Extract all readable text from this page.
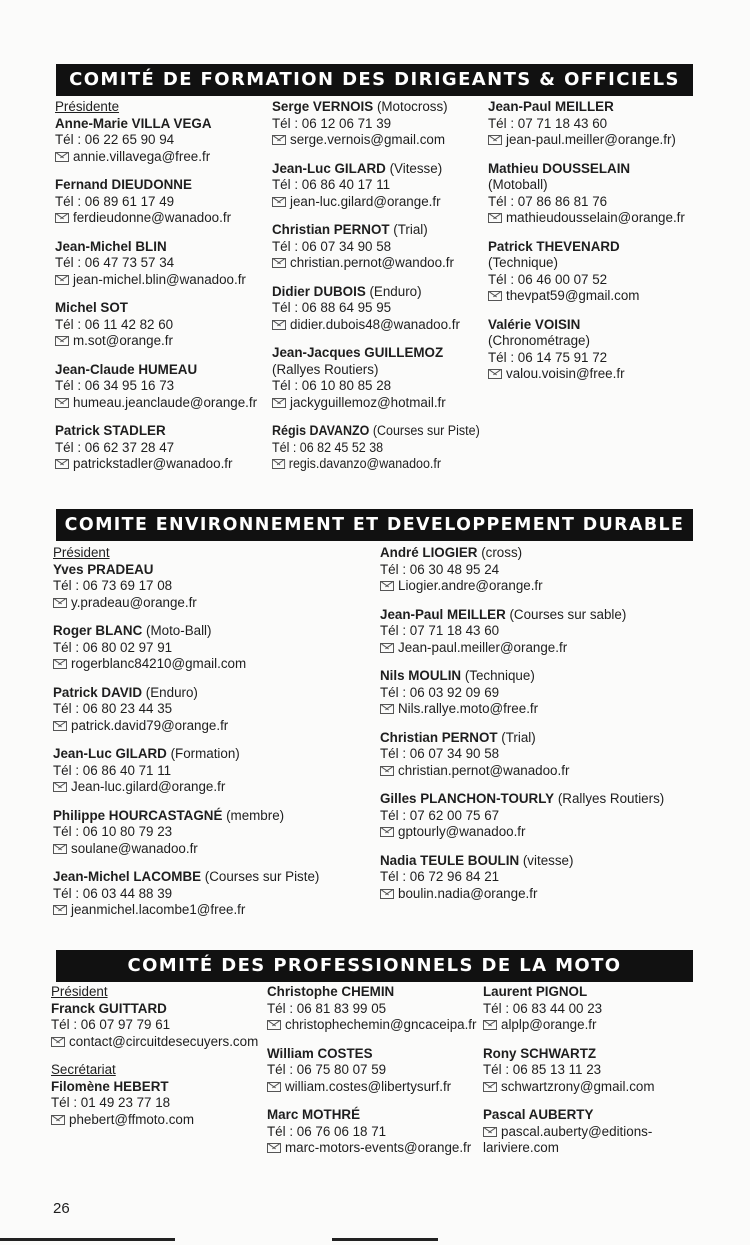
COMITÉ DE FORMATION DES DIRIGEANTS & OFFICIELS
COMITE ENVIRONNEMENT ET DEVELOPPEMENT DURABLE
COMITÉ DES PROFESSIONNELS DE LA MOTO
Présidente
Anne-Marie VILLA VEGA
Tél : 06 22 65 90 94
annie.villavega@free.fr
Fernand DIEUDONNE
Tél : 06 89 61 17 49
ferdieudonne@wanadoo.fr
Jean-Michel BLIN
Tél : 06 47 73 57 34
jean-michel.blin@wanadoo.fr
Michel SOT
Tél : 06 11 42 82 60
m.sot@orange.fr
Jean-Claude HUMEAU
Tél : 06 34 95 16 73
humeau.jeanclaude@orange.fr
Patrick STADLER
Tél : 06 62 37 28 47
patrickstadler@wanadoo.fr
Serge VERNOIS (Motocross)
Tél : 06 12 06 71 39
serge.vernois@gmail.com
Jean-Luc GILARD (Vitesse)
Tél : 06 86 40 17 11
jean-luc.gilard@orange.fr
Christian PERNOT (Trial)
Tél : 06 07 34 90 58
christian.pernot@wandoo.fr
Didier DUBOIS (Enduro)
Tél : 06 88 64 95 95
didier.dubois48@wanadoo.fr
Jean-Jacques GUILLEMOZ
(Rallyes Routiers)
Tél : 06 10 80 85 28
jackyguillemoz@hotmail.fr
Régis DAVANZO (Courses sur Piste)
Tél : 06 82 45 52 38
regis.davanzo@wanadoo.fr
Jean-Paul MEILLER
Tél : 07 71 18 43 60
jean-paul.meiller@orange.fr)
Mathieu DOUSSELAIN
(Motoball)
Tél : 07 86 86 81 76
mathieudousselain@orange.fr
Patrick THEVENARD
(Technique)
Tél : 06 46 00 07 52
thevpat59@gmail.com
Valérie VOISIN
(Chronométrage)
Tél : 06 14 75 91 72
valou.voisin@free.fr
Président
Yves PRADEAU
Tél : 06 73 69 17 08
y.pradeau@orange.fr
Roger BLANC (Moto-Ball)
Tél : 06 80 02 97 91
rogerblanc84210@gmail.com
Patrick DAVID (Enduro)
Tél : 06 80 23 44 35
patrick.david79@orange.fr
Jean-Luc GILARD (Formation)
Tél : 06 86 40 71 11
Jean-luc.gilard@orange.fr
Philippe HOURCASTAGNÉ (membre)
Tél : 06 10 80 79 23
soulane@wanadoo.fr
Jean-Michel LACOMBE (Courses sur Piste)
Tél : 06 03 44 88 39
jeanmichel.lacombe1@free.fr
André LIOGIER (cross)
Tél : 06 30 48 95 24
Liogier.andre@orange.fr
Jean-Paul MEILLER (Courses sur sable)
Tél : 07 71 18 43 60
Jean-paul.meiller@orange.fr
Nils MOULIN (Technique)
Tél : 06 03 92 09 69
Nils.rallye.moto@free.fr
Christian PERNOT (Trial)
Tél : 06 07 34 90 58
christian.pernot@wanadoo.fr
Gilles PLANCHON-TOURLY (Rallyes Routiers)
Tél : 07 62 00 75 67
gptourly@wanadoo.fr
Nadia TEULE BOULIN (vitesse)
Tél : 06 72 96 84 21
boulin.nadia@orange.fr
Président
Franck GUITTARD
Tél : 06 07 97 79 61
contact@circuitdesecuyers.com
Secrétariat
Filomène HEBERT
Tél : 01 49 23 77 18
phebert@ffmoto.com
Christophe CHEMIN
Tél : 06 81 83 99 05
christophechemin@gncaceipa.fr
William COSTES
Tél : 06 75 80 07 59
william.costes@libertysurf.fr
Marc MOTHRÉ
Tél : 06 76 06 18 71
marc-motors-events@orange.fr
Laurent PIGNOL
Tél : 06 83 44 00 23
alplp@orange.fr
Rony SCHWARTZ
Tél : 06 85 13 11 23
schwartzrony@gmail.com
Pascal AUBERTY
pascal.auberty@editions-
lariviere.com
26
